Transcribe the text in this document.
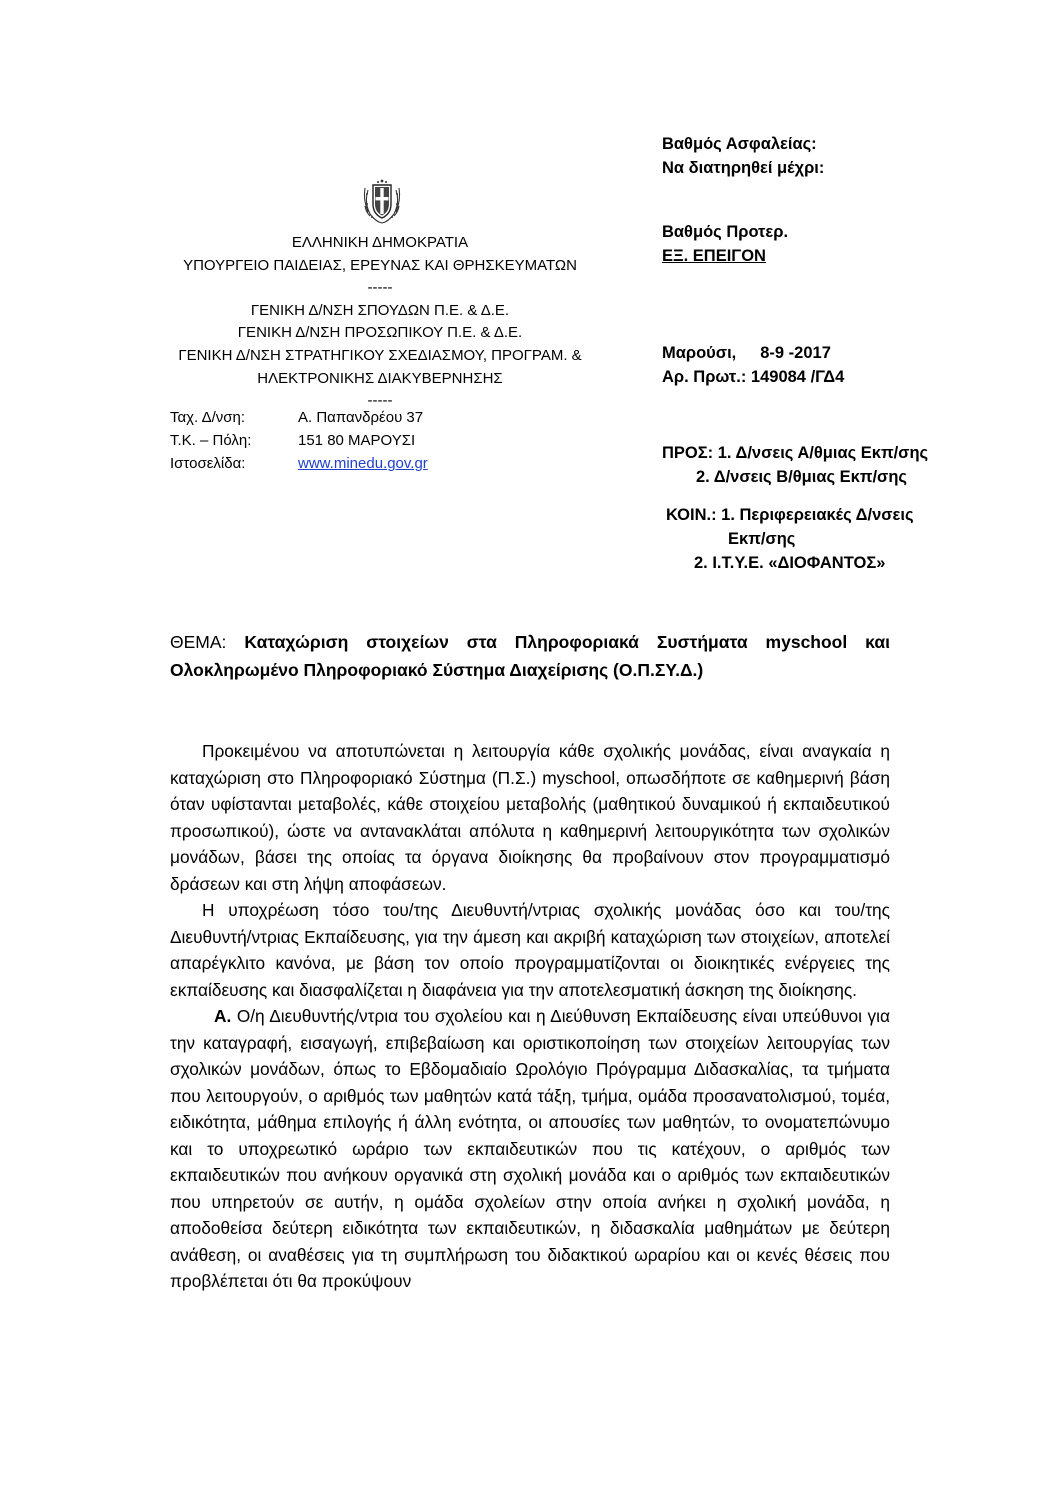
Βαθμός Ασφαλείας:
Να διατηρηθεί μέχρι:
Βαθμός Προτερ.
ΕΞ. ΕΠΕΙΓΟΝ
Μαρούσι, 8-9 -2017
Αρ. Πρωτ.: 149084 /ΓΔ4
ΕΛΛΗΝΙΚΗ ΔΗΜΟΚΡΑΤΙΑ
ΥΠΟΥΡΓΕΙΟ ΠΑΙΔΕΙΑΣ, ΕΡΕΥΝΑΣ ΚΑΙ ΘΡΗΣΚΕΥΜΑΤΩΝ
-----
ΓΕΝΙΚΗ Δ/ΝΣΗ ΣΠΟΥΔΩΝ Π.Ε. & Δ.Ε.
ΓΕΝΙΚΗ Δ/ΝΣΗ ΠΡΟΣΩΠΙΚΟΥ Π.Ε. & Δ.Ε.
ΓΕΝΙΚΗ Δ/ΝΣΗ ΣΤΡΑΤΗΓΙΚΟΥ ΣΧΕΔΙΑΣΜΟΥ, ΠΡΟΓΡΑΜ. &
ΗΛΕΚΤΡΟΝΙΚΗΣ ΔΙΑΚΥΒΕΡΝΗΣΗΣ
-----
Ταχ. Δ/νση:	Α. Παπανδρέου 37
Τ.Κ. – Πόλη:	151 80 ΜΑΡΟΥΣΙ
Ιστοσελίδα:	www.minedu.gov.gr
ΠΡΟΣ: 1. Δ/νσεις Α/θμιας Εκπ/σης
2. Δ/νσεις Β/θμιας Εκπ/σης
ΚΟΙΝ.: 1. Περιφερειακές Δ/νσεις
Εκπ/σης
2. Ι.Τ.Υ.Ε. «ΔΙΟΦΑΝΤΟΣ»
ΘΕΜΑ: Καταχώριση στοιχείων στα Πληροφοριακά Συστήματα myschool και Ολοκληρωμένο Πληροφοριακό Σύστημα Διαχείρισης (Ο.Π.ΣΥ.Δ.)

Προκειμένου να αποτυπώνεται η λειτουργία κάθε σχολικής μονάδας, είναι αναγκαία η καταχώριση στο Πληροφοριακό Σύστημα (Π.Σ.) myschool, οπωσδήποτε σε καθημερινή βάση όταν υφίστανται μεταβολές, κάθε στοιχείου μεταβολής (μαθητικού δυναμικού ή εκπαιδευτικού προσωπικού), ώστε να αντανακλάται απόλυτα η καθημερινή λειτουργικότητα των σχολικών μονάδων, βάσει της οποίας τα όργανα διοίκησης θα προβαίνουν στον προγραμματισμό δράσεων και στη λήψη αποφάσεων.

Η υποχρέωση τόσο του/της Διευθυντή/ντριας σχολικής μονάδας όσο και του/της Διευθυντή/ντριας Εκπαίδευσης, για την άμεση και ακριβή καταχώριση των στοιχείων, αποτελεί απαρέγκλιτο κανόνα, με βάση τον οποίο προγραμματίζονται οι διοικητικές ενέργειες της εκπαίδευσης και διασφαλίζεται η διαφάνεια για την αποτελεσματική άσκηση της διοίκησης.

Α. Ο/η Διευθυντής/ντρια του σχολείου και η Διεύθυνση Εκπαίδευσης είναι υπεύθυνοι για την καταγραφή, εισαγωγή, επιβεβαίωση και οριστικοποίηση των στοιχείων λειτουργίας των σχολικών μονάδων, όπως το Εβδομαδιαίο Ωρολόγιο Πρόγραμμα Διδασκαλίας, τα τμήματα που λειτουργούν, ο αριθμός των μαθητών κατά τάξη, τμήμα, ομάδα προσανατολισμού, τομέα, ειδικότητα, μάθημα επιλογής ή άλλη ενότητα, οι απουσίες των μαθητών, το ονοματεπώνυμο και το υποχρεωτικό ωράριο των εκπαιδευτικών που τις κατέχουν, ο αριθμός των εκπαιδευτικών που ανήκουν οργανικά στη σχολική μονάδα και ο αριθμός των εκπαιδευτικών που υπηρετούν σε αυτήν, η ομάδα σχολείων στην οποία ανήκει η σχολική μονάδα, η αποδοθείσα δεύτερη ειδικότητα των εκπαιδευτικών, η διδασκαλία μαθημάτων με δεύτερη ανάθεση, οι αναθέσεις για τη συμπλήρωση του διδακτικού ωραρίου και οι κενές θέσεις που προβλέπεται ότι θα προκύψουν
